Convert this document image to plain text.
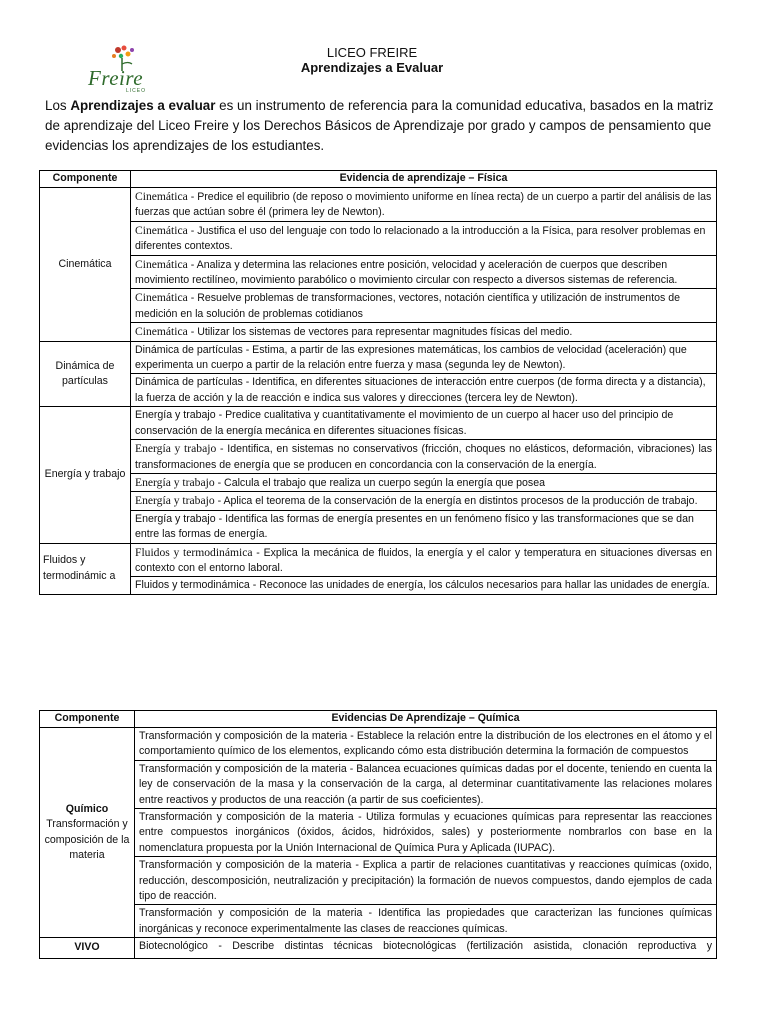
Freire
LICEO
LICEO FREIRE
Aprendizajes a Evaluar

Los Aprendizajes a evaluar es un instrumento de referencia para la comunidad educativa, basados en la matriz de aprendizaje del Liceo Freire y los Derechos Básicos de Aprendizaje por grado y campos de pensamiento que evidencias los aprendizajes de los estudiantes.

Componente	Evidencia de aprendizaje – Física
Cinemática	Cinemática - Predice el equilibrio (de reposo o movimiento uniforme en línea recta) de un cuerpo a partir del análisis de las fuerzas que actúan sobre él (primera ley de Newton).
	Cinemática - Justifica el uso del lenguaje con todo lo relacionado a la introducción a la Física, para resolver problemas en diferentes contextos.
	Cinemática - Analiza y determina las relaciones entre posición, velocidad y aceleración de cuerpos que describen movimiento rectilíneo, movimiento parabólico o movimiento circular con respecto a diversos sistemas de referencia.
	Cinemática - Resuelve problemas de transformaciones, vectores, notación científica y utilización de instrumentos de medición en la solución de problemas cotidianos
	Cinemática - Utilizar los sistemas de vectores para representar magnitudes físicas del medio.
Dinámica de partículas	Dinámica de partículas - Estima, a partir de las expresiones matemáticas, los cambios de velocidad (aceleración) que experimenta un cuerpo a partir de la relación entre fuerza y masa (segunda ley de Newton).
	Dinámica de partículas - Identifica, en diferentes situaciones de interacción entre cuerpos (de forma directa y a distancia), la fuerza de acción y la de reacción e indica sus valores y direcciones (tercera ley de Newton).
Energía y trabajo	Energía y trabajo - Predice cualitativa y cuantitativamente el movimiento de un cuerpo al hacer uso del principio de conservación de la energía mecánica en diferentes situaciones físicas.
	Energía y trabajo - Identifica, en sistemas no conservativos (fricción, choques no elásticos, deformación, vibraciones) las transformaciones de energía que se producen en concordancia con la conservación de la energía.
	Energía y trabajo - Calcula el trabajo que realiza un cuerpo según la energía que posea
	Energía y trabajo - Aplica el teorema de la conservación de la energía en distintos procesos de la producción de trabajo.
	Energía y trabajo - Identifica las formas de energía presentes en un fenómeno físico y las transformaciones que se dan entre las formas de energía.
Fluidos y termodinámic a	Fluidos y termodinámica - Explica la mecánica de fluidos, la energía y el calor y temperatura en situaciones diversas en contexto con el entorno laboral.
	Fluidos y termodinámica - Reconoce las unidades de energía, los cálculos necesarios para hallar las unidades de energía.
Componente	Evidencias De Aprendizaje – Química

Químico
Transformación y composición de la materia	Transformación y composición de la materia - Establece la relación entre la distribución de los electrones en el átomo y el comportamiento químico de los elementos, explicando cómo esta distribución determina la formación de compuestos
	Transformación y composición de la materia - Balancea ecuaciones químicas dadas por el docente, teniendo en cuenta la ley de conservación de la masa y la conservación de la carga, al determinar cuantitativamente las relaciones molares entre reactivos y productos de una reacción (a partir de sus coeficientes).
	Transformación y composición de la materia - Utiliza formulas y ecuaciones químicas para representar las reacciones entre compuestos inorgánicos (óxidos, ácidos, hidróxidos, sales) y posteriormente nombrarlos con base en la nomenclatura propuesta por la Unión Internacional de Química Pura y Aplicada (IUPAC).
	Transformación y composición de la materia - Explica a partir de relaciones cuantitativas y reacciones químicas (oxido, reducción, descomposición, neutralización y precipitación) la formación de nuevos compuestos, dando ejemplos de cada tipo de reacción.
	Transformación y composición de la materia - Identifica las propiedades que caracterizan las funciones químicas inorgánicas y reconoce experimentalmente las clases de reacciones químicas.
VIVO	Biotecnológico - Describe distintas técnicas biotecnológicas (fertilización asistida, clonación reproductiva y
